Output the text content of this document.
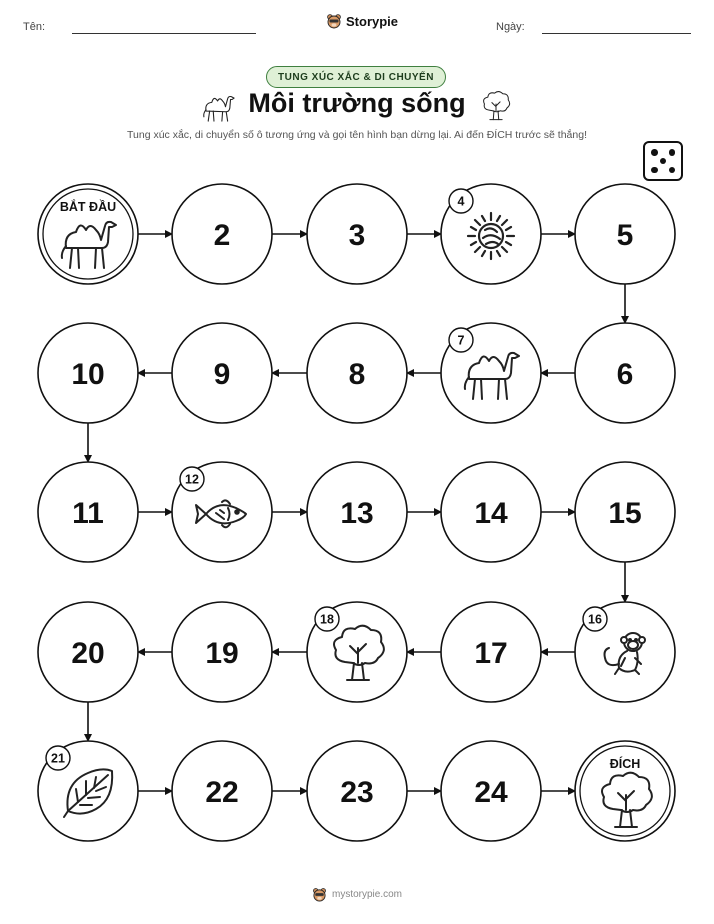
Tên:	Storypie	Ngày:
TUNG XÚC XẮC & DI CHUYỂN
Môi trường sống
Tung xúc xắc, di chuyển số ô tương ứng và gọi tên hình bạn dừng lại. Ai đến ĐÍCH trước sẽ thắng!
BẮT ĐẦU
2	3
4
5
6
7
8
9
10
11
12
13	14	15
16
17
18
19
20
21
22	23	24
ĐÍCH
mystorypie.com
